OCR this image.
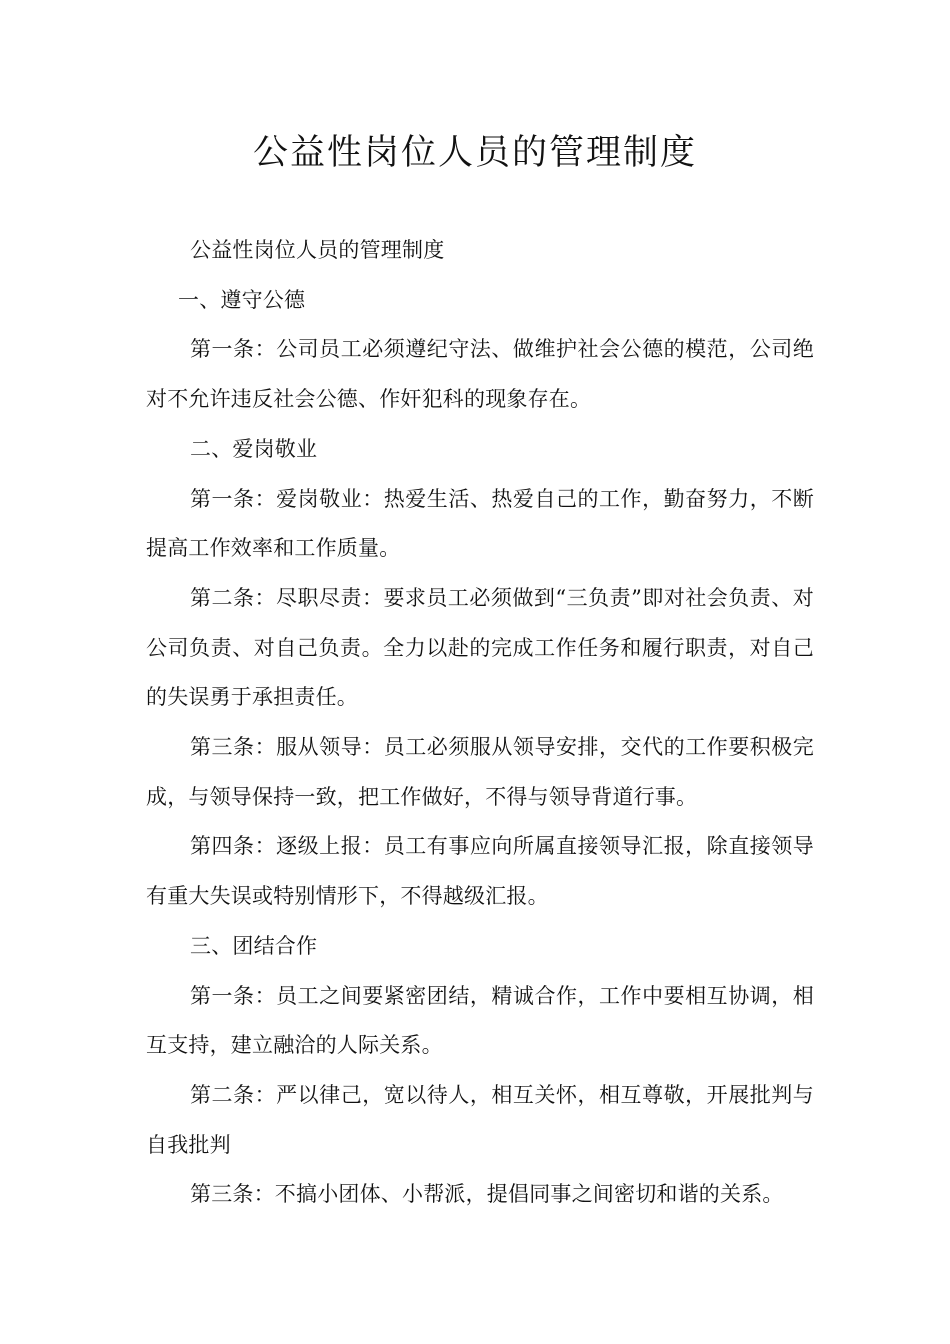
公益性岗位人员的管理制度

公益性岗位人员的管理制度

一、遵守公德

第一条：公司员工必须遵纪守法、做维护社会公德的模范，公司绝对不允许违反社会公德、作奸犯科的现象存在。

二、爱岗敬业

第一条：爱岗敬业：热爱生活、热爱自己的工作，勤奋努力，不断提高工作效率和工作质量。

第二条：尽职尽责：要求员工必须做到“三负责”即对社会负责、对公司负责、对自己负责。全力以赴的完成工作任务和履行职责，对自己的失误勇于承担责任。

第三条：服从领导：员工必须服从领导安排，交代的工作要积极完成，与领导保持一致，把工作做好，不得与领导背道行事。

第四条：逐级上报：员工有事应向所属直接领导汇报，除直接领导有重大失误或特别情形下，不得越级汇报。

三、团结合作

第一条：员工之间要紧密团结，精诚合作，工作中要相互协调，相互支持，建立融洽的人际关系。

第二条：严以律己，宽以待人，相互关怀，相互尊敬，开展批判与自我批判

第三条：不搞小团体、小帮派，提倡同事之间密切和谐的关系。
